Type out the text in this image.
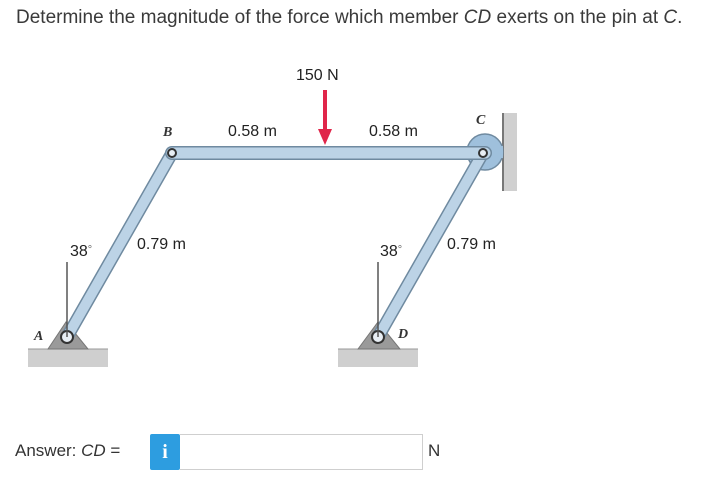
Determine the magnitude of the force which member CD exerts on the pin at C.
150 N
0.58 m	0.58 m
0.79 m	0.79 m
38°	38°
A
B
C
D
Answer: CD =	i	N
